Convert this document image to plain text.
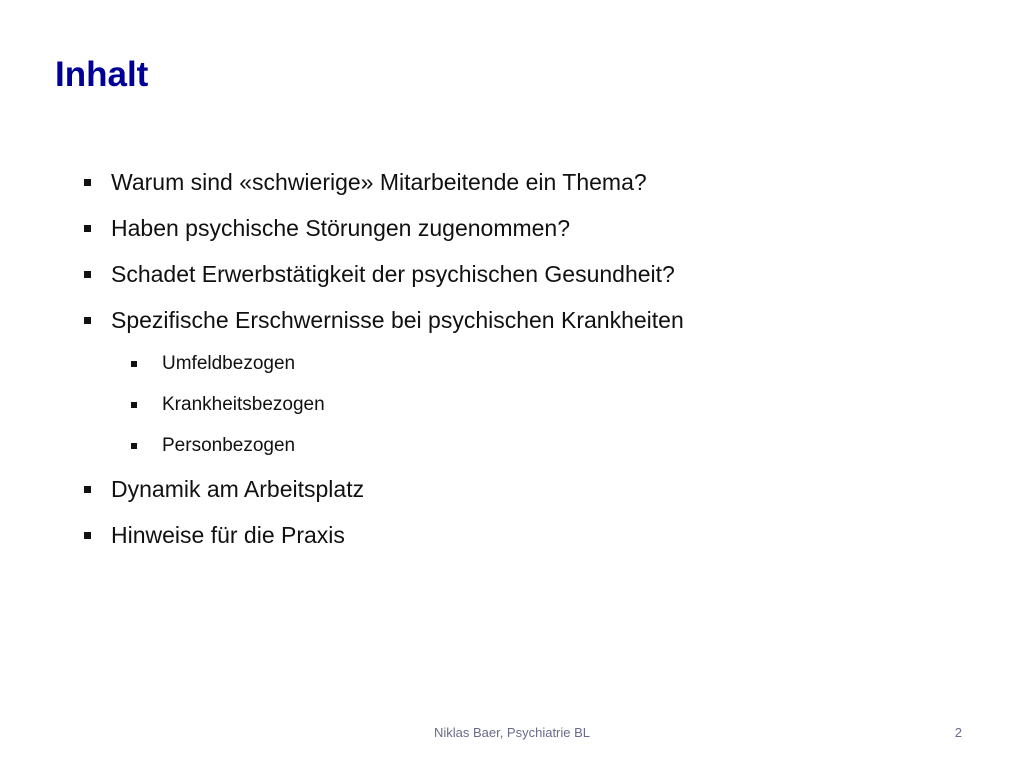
Inhalt
Warum sind «schwierige» Mitarbeitende ein Thema?
Haben psychische Störungen zugenommen?
Schadet Erwerbstätigkeit der psychischen Gesundheit?
Spezifische Erschwernisse bei psychischen Krankheiten
Umfeldbezogen
Krankheitsbezogen
Personbezogen
Dynamik am Arbeitsplatz
Hinweise für die Praxis
Niklas Baer, Psychiatrie BL	2
